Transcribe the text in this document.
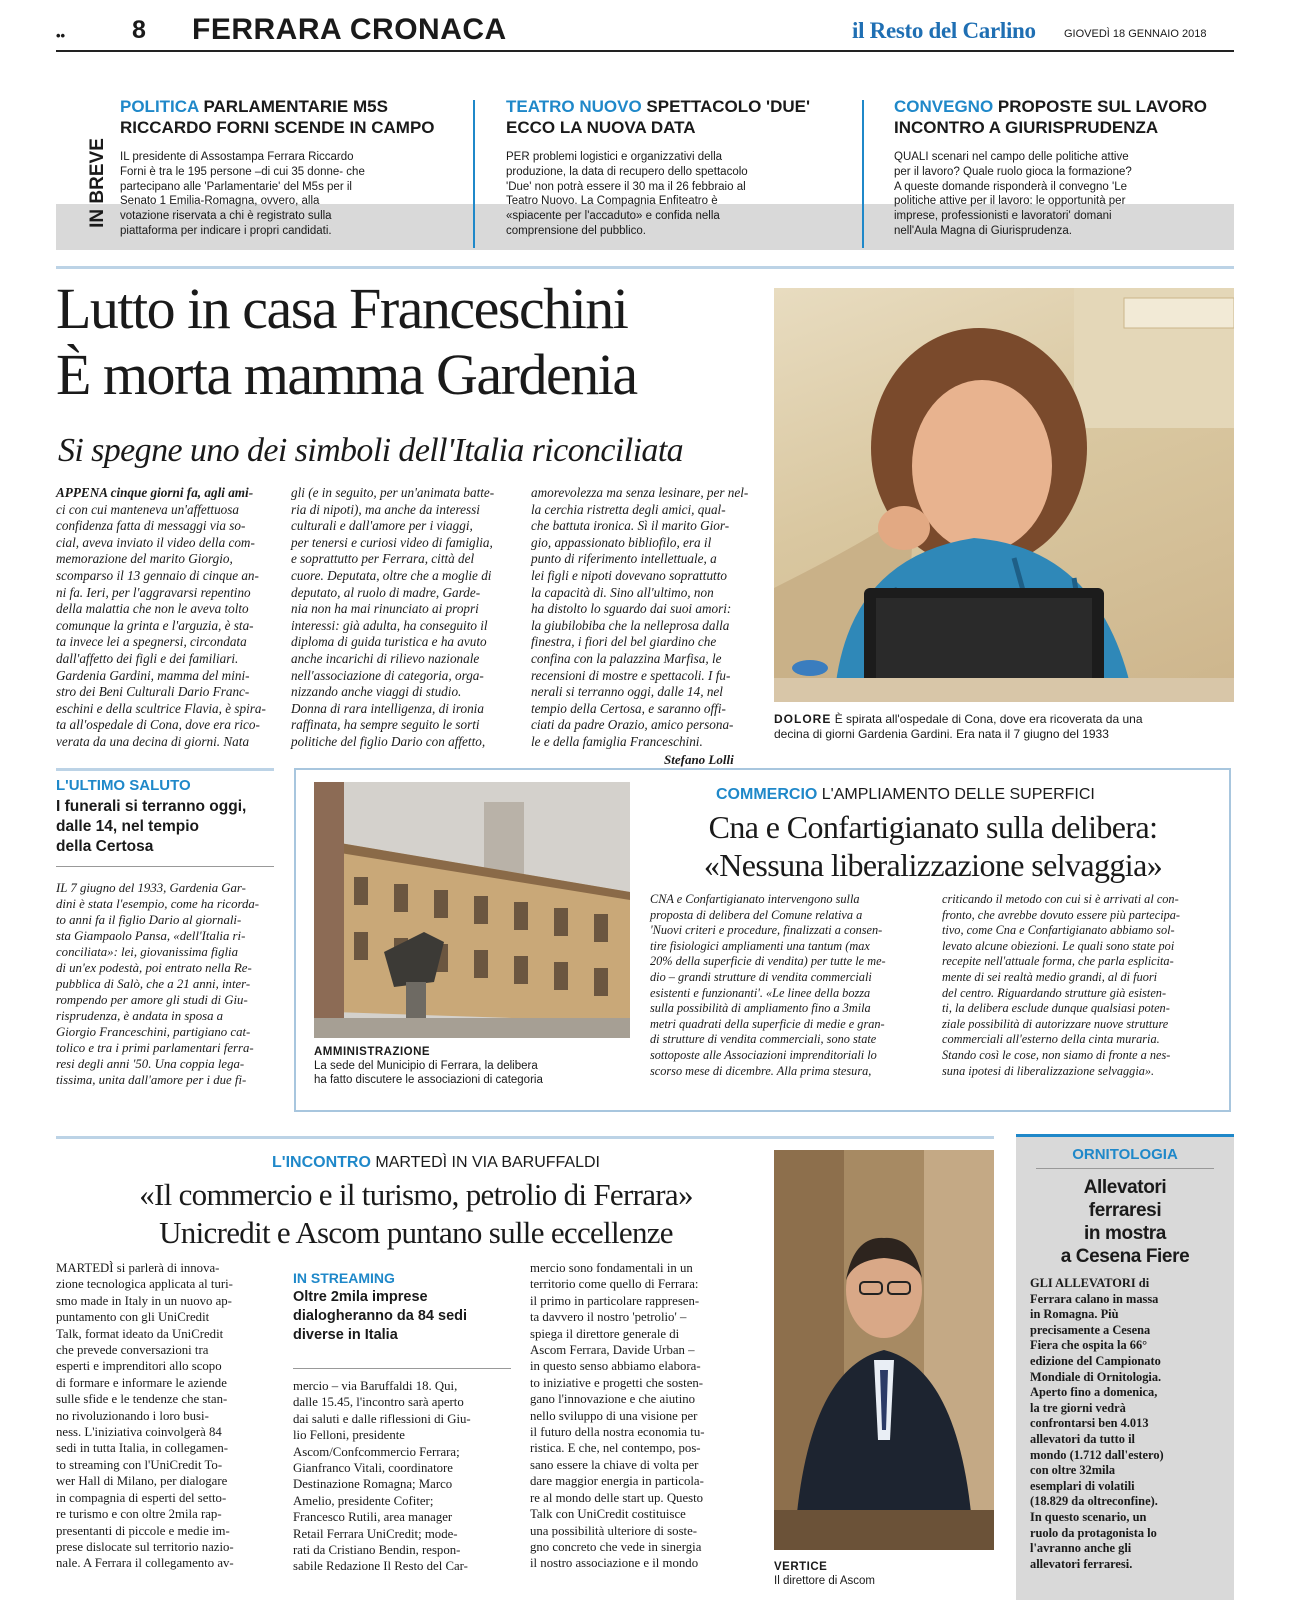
••	8 FERRARA CRONACA	il Resto del Carlino	GIOVEDÌ 18 GENNAIO 2018
IN BREVE
POLITICA PARLAMENTARIE M5S
RICCARDO FORNI SCENDE IN CAMPO
IL presidente di Assostampa Ferrara Riccardo
Forni è tra le 195 persone –di cui 35 donne- che
partecipano alle 'Parlamentarie' del M5s per il
Senato 1 Emilia-Romagna, ovvero, alla
votazione riservata a chi è registrato sulla
piattaforma per indicare i propri candidati.
TEATRO NUOVO SPETTACOLO 'DUE'
ECCO LA NUOVA DATA
PER problemi logistici e organizzativi della
produzione, la data di recupero dello spettacolo
'Due' non potrà essere il 30 ma il 26 febbraio al
Teatro Nuovo. La Compagnia Enfiteatro è
«spiacente per l'accaduto» e confida nella
comprensione del pubblico.
CONVEGNO PROPOSTE SUL LAVORO
INCONTRO A GIURISPRUDENZA
QUALI scenari nel campo delle politiche attive
per il lavoro? Quale ruolo gioca la formazione?
A queste domande risponderà il convegno 'Le
politiche attive per il lavoro: le opportunità per
imprese, professionisti e lavoratori' domani
nell'Aula Magna di Giurisprudenza.
Lutto in casa Franceschini
È morta mamma Gardenia
Si spegne uno dei simboli dell'Italia riconciliata

APPENA cinque giorni fa, agli ami-

ci con cui manteneva un'affettuosa

confidenza fatta di messaggi via so-

cial, aveva inviato il video della com-

memorazione del marito Giorgio,

scomparso il 13 gennaio di cinque an-

ni fa. Ieri, per l'aggravarsi repentino

della malattia che non le aveva tolto

comunque la grinta e l'arguzia, è sta-

ta invece lei a spegnersi, circondata

dall'affetto dei figli e dei familiari.

Gardenia Gardini, mamma del mini-

stro dei Beni Culturali Dario Franc-

eschini e della scultrice Flavia, è spira-

ta all'ospedale di Cona, dove era rico-

verata da una decina di giorni. Nata

gli (e in seguito, per un'animata batte-

ria di nipoti), ma anche da interessi

culturali e dall'amore per i viaggi,

per tenersi e curiosi video di famiglia,

e soprattutto per Ferrara, città del

cuore. Deputata, oltre che a moglie di

deputato, al ruolo di madre, Garde-

nia non ha mai rinunciato ai propri

interessi: già adulta, ha conseguito il

diploma di guida turistica e ha avuto

anche incarichi di rilievo nazionale

nell'associazione di categoria, orga-

nizzando anche viaggi di studio.

Donna di rara intelligenza, di ironia

raffinata, ha sempre seguito le sorti

politiche del figlio Dario con affetto,

amorevolezza ma senza lesinare, per nel-

la cerchia ristretta degli amici, qual-

che battuta ironica. Sì il marito Gior-

gio, appassionato bibliofilo, era il

punto di riferimento intellettuale, a

lei figli e nipoti dovevano soprattutto

la capacità di. Sino all'ultimo, non

ha distolto lo sguardo dai suoi amori:

la giubilobiba che la nelleprosa dalla

finestra, i fiori del bel giardino che

confina con la palazzina Marfisa, le

recensioni di mostre e spettacoli. I fu-

nerali si terranno oggi, dalle 14, nel

tempio della Certosa, e saranno offi-

ciati da padre Orazio, amico persona-

le e della famiglia Franceschini.

Stefano Lolli
DOLORE È spirata all'ospedale di Cona, dove era ricoverata da una
decina di giorni Gardenia Gardini. Era nata il 7 giugno del 1933
L'ULTIMO SALUTO
I funerali si terranno oggi,
dalle 14, nel tempio
della Certosa

IL 7 giugno del 1933, Gardenia Gar-

dini è stata l'esempio, come ha ricorda-

to anni fa il figlio Dario al giornali-

sta Giampaolo Pansa, «dell'Italia ri-

conciliata»: lei, giovanissima figlia

di un'ex podestà, poi entrato nella Re-

pubblica di Salò, che a 21 anni, inter-

rompendo per amore gli studi di Giu-

risprudenza, è andata in sposa a

Giorgio Franceschini, partigiano cat-

tolico e tra i primi parlamentari ferra-

resi degli anni '50. Una coppia lega-

tissima, unita dall'amore per i due fi-

AMMINISTRAZIONE
La sede del Municipio di Ferrara, la delibera
ha fatto discutere le associazioni di categoria
COMMERCIO L'AMPLIAMENTO DELLE SUPERFICI
Cna e Confartigianato sulla delibera:
«Nessuna liberalizzazione selvaggia»

CNA e Confartigianato intervengono sulla

proposta di delibera del Comune relativa a

'Nuovi criteri e procedure, finalizzati a consen-

tire fisiologici ampliamenti una tantum (max

20% della superficie di vendita) per tutte le me-

dio – grandi strutture di vendita commerciali

esistenti e funzionanti'. «Le linee della bozza

sulla possibilità di ampliamento fino a 3mila

metri quadrati della superficie di medie e gran-

di strutture di vendita commerciali, sono state

sottoposte alle Associazioni imprenditoriali lo

scorso mese di dicembre. Alla prima stesura,

criticando il metodo con cui si è arrivati al con-

fronto, che avrebbe dovuto essere più partecipa-

tivo, come Cna e Confartigianato abbiamo sol-

levato alcune obiezioni. Le quali sono state poi

recepite nell'attuale forma, che parla esplicita-

mente di sei realtà medio grandi, al di fuori

del centro. Riguardando strutture già esisten-

ti, la delibera esclude dunque qualsiasi poten-

ziale possibilità di autorizzare nuove strutture

commerciali all'esterno della cinta muraria.

Stando così le cose, non siamo di fronte a nes-

suna ipotesi di liberalizzazione selvaggia».

L'INCONTRO MARTEDÌ IN VIA BARUFFALDI
«Il commercio e il turismo, petrolio di Ferrara»
Unicredit e Ascom puntano sulle eccellenze
MARTEDÌ si parlerà di innova-
zione tecnologica applicata al turi-
smo made in Italy in un nuovo ap-
puntamento con gli UniCredit
Talk, format ideato da UniCredit
che prevede conversazioni tra
esperti e imprenditori allo scopo
di formare e informare le aziende
sulle sfide e le tendenze che stan-
no rivoluzionando i loro busi-
ness. L'iniziativa coinvolgerà 84
sedi in tutta Italia, in collegamen-
to streaming con l'UniCredit To-
wer Hall di Milano, per dialogare
in compagnia di esperti del setto-
re turismo e con oltre 2mila rap-
presentanti di piccole e medie im-
prese dislocate sul territorio nazio-
nale. A Ferrara il collegamento av-
IN STREAMING
Oltre 2mila imprese
dialogheranno da 84 sedi
diverse in Italia
mercio – via Baruffaldi 18. Qui,
dalle 15.45, l'incontro sarà aperto
dai saluti e dalle riflessioni di Giu-
lio Felloni, presidente
Ascom/Confcommercio Ferrara;
Gianfranco Vitali, coordinatore
Destinazione Romagna; Marco
Amelio, presidente Cofiter;
Francesco Rutili, area manager
Retail Ferrara UniCredit; mode-
rati da Cristiano Bendin, respon-
sabile Redazione Il Resto del Car-
mercio sono fondamentali in un
territorio come quello di Ferrara:
il primo in particolare rappresen-
ta davvero il nostro 'petrolio' –
spiega il direttore generale di
Ascom Ferrara, Davide Urban –
in questo senso abbiamo elabora-
to iniziative e progetti che sosten-
gano l'innovazione e che aiutino
nello sviluppo di una visione per
il futuro della nostra economia tu-
ristica. E che, nel contempo, pos-
sano essere la chiave di volta per
dare maggior energia in particola-
re al mondo delle start up. Questo
Talk con UniCredit costituisce
una possibilità ulteriore di soste-
gno concreto che vede in sinergia
il nostro associazione e il mondo	VERTICE
Il direttore di Ascom
ORNITOLOGIA
Allevatori
ferraresi
in mostra
a Cesena Fiere
GLI ALLEVATORI di
Ferrara calano in massa
in Romagna. Più
precisamente a Cesena
Fiera che ospita la 66°
edizione del Campionato
Mondiale di Ornitologia.
Aperto fino a domenica,
la tre giorni vedrà
confrontarsi ben 4.013
allevatori da tutto il
mondo (1.712 dall'estero)
con oltre 32mila
esemplari di volatili
(18.829 da oltreconfine).
In questo scenario, un
ruolo da protagonista lo
l'avranno anche gli
allevatori ferraresi.
